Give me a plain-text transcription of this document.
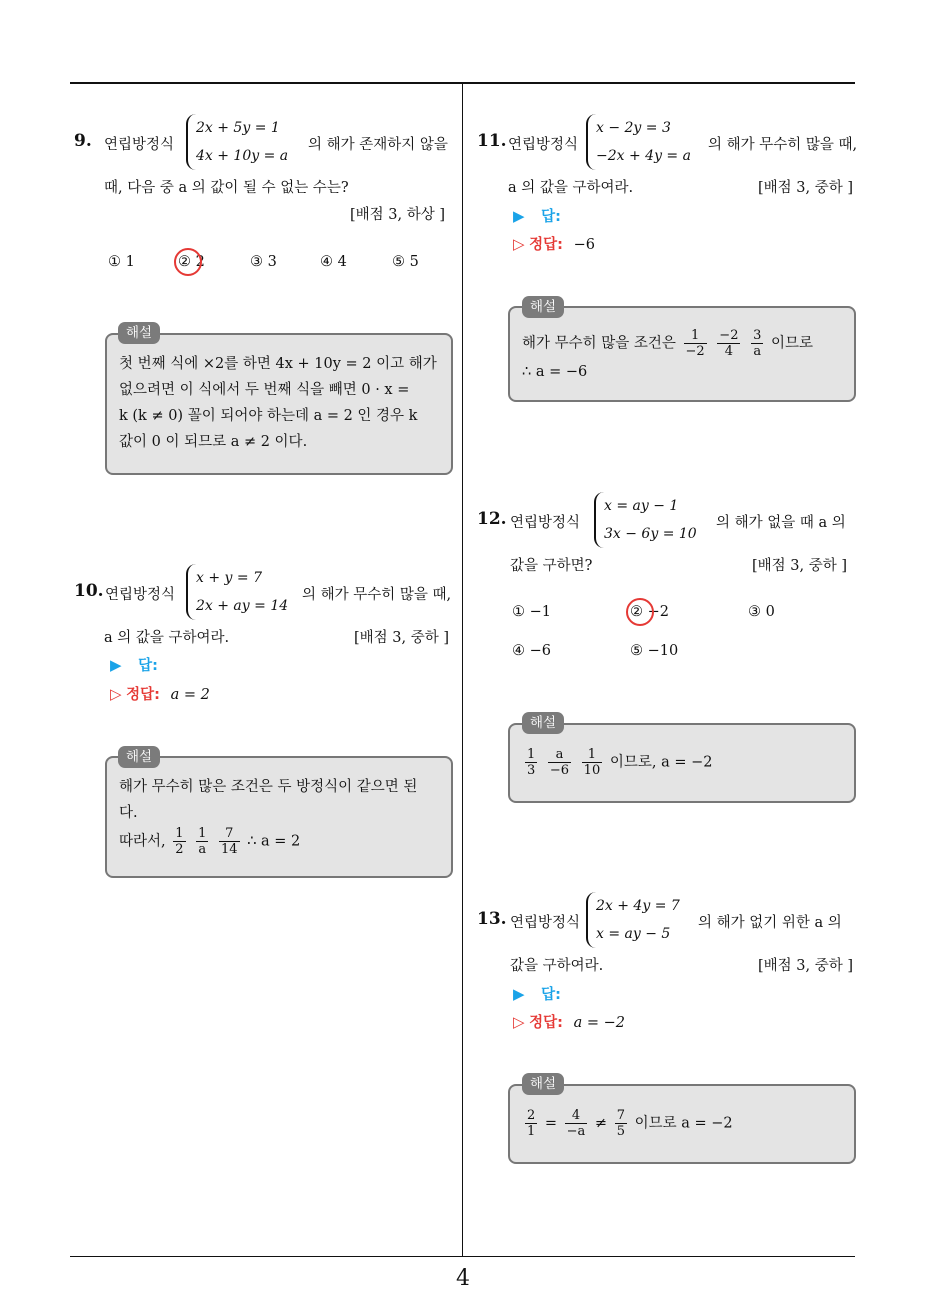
4
9. 연립방정식
2x + 5y = 1
4x + 10y = a
의 해가 존재하지 않을
때, 다음 중 a 의 값이 될 수 없는 수는?
[배점 3, 하상 ]
① 1	② 2	③ 3	④ 4	⑤ 5
첫 번째 식에 ×2를 하면 4x + 10y = 2 이고 해가
없으려면 이 식에서 두 번째 식을 빼면 0 · x =
k (k ≠ 0) 꼴이 되어야 하는데 a = 2 인 경우 k
값이 0 이 되므로 a ≠ 2 이다.
해설
10. 연립방정식
x + y = 7
2x + ay = 14
의 해가 무수히 많을 때,
a 의 값을 구하여라.	[배점 3, 중하 ]
▶ 답:
▷ 정답: a = 2
해가 무수히 많은 조건은 두 방정식이 같으면 된
다.
따라서, $\frac{1}{2}$
$\frac{1}{a}$
$\frac{7}{14}$ ∴ a = 2
해설
11. 연립방정식
x − 2y = 3
−2x + 4y = a
의 해가 무수히 많을 때,
a 의 값을 구하여라.	[배점 3, 중하 ]
▶ 답:
▷ 정답: −6
해가 무수히 많을 조건은 $\frac{1}{-2}$
$\frac{-2}{4}$
$\frac{3}{a}$ 이므로
∴ a = −6
해설
12. 연립방정식
x = ay − 1
3x − 6y = 10
의 해가 없을 때 a 의
값을 구하면?	[배점 3, 중하 ]
① −1	② −2	③ 0
④ −6	⑤ −10
$\frac{1}{3}$
$\frac{a}{-6}$
$\frac{1}{10}$ 이므로, a = −2
해설
13. 연립방정식
2x + 4y = 7
x = ay − 5
의 해가 없기 위한 a 의
값을 구하여라.	[배점 3, 중하 ]
▶ 답:
▷ 정답: a = −2
$\frac{2}{1} = \frac{4}{-a} \ne \frac{7}{5}$ 이므로 a = −2
해설
